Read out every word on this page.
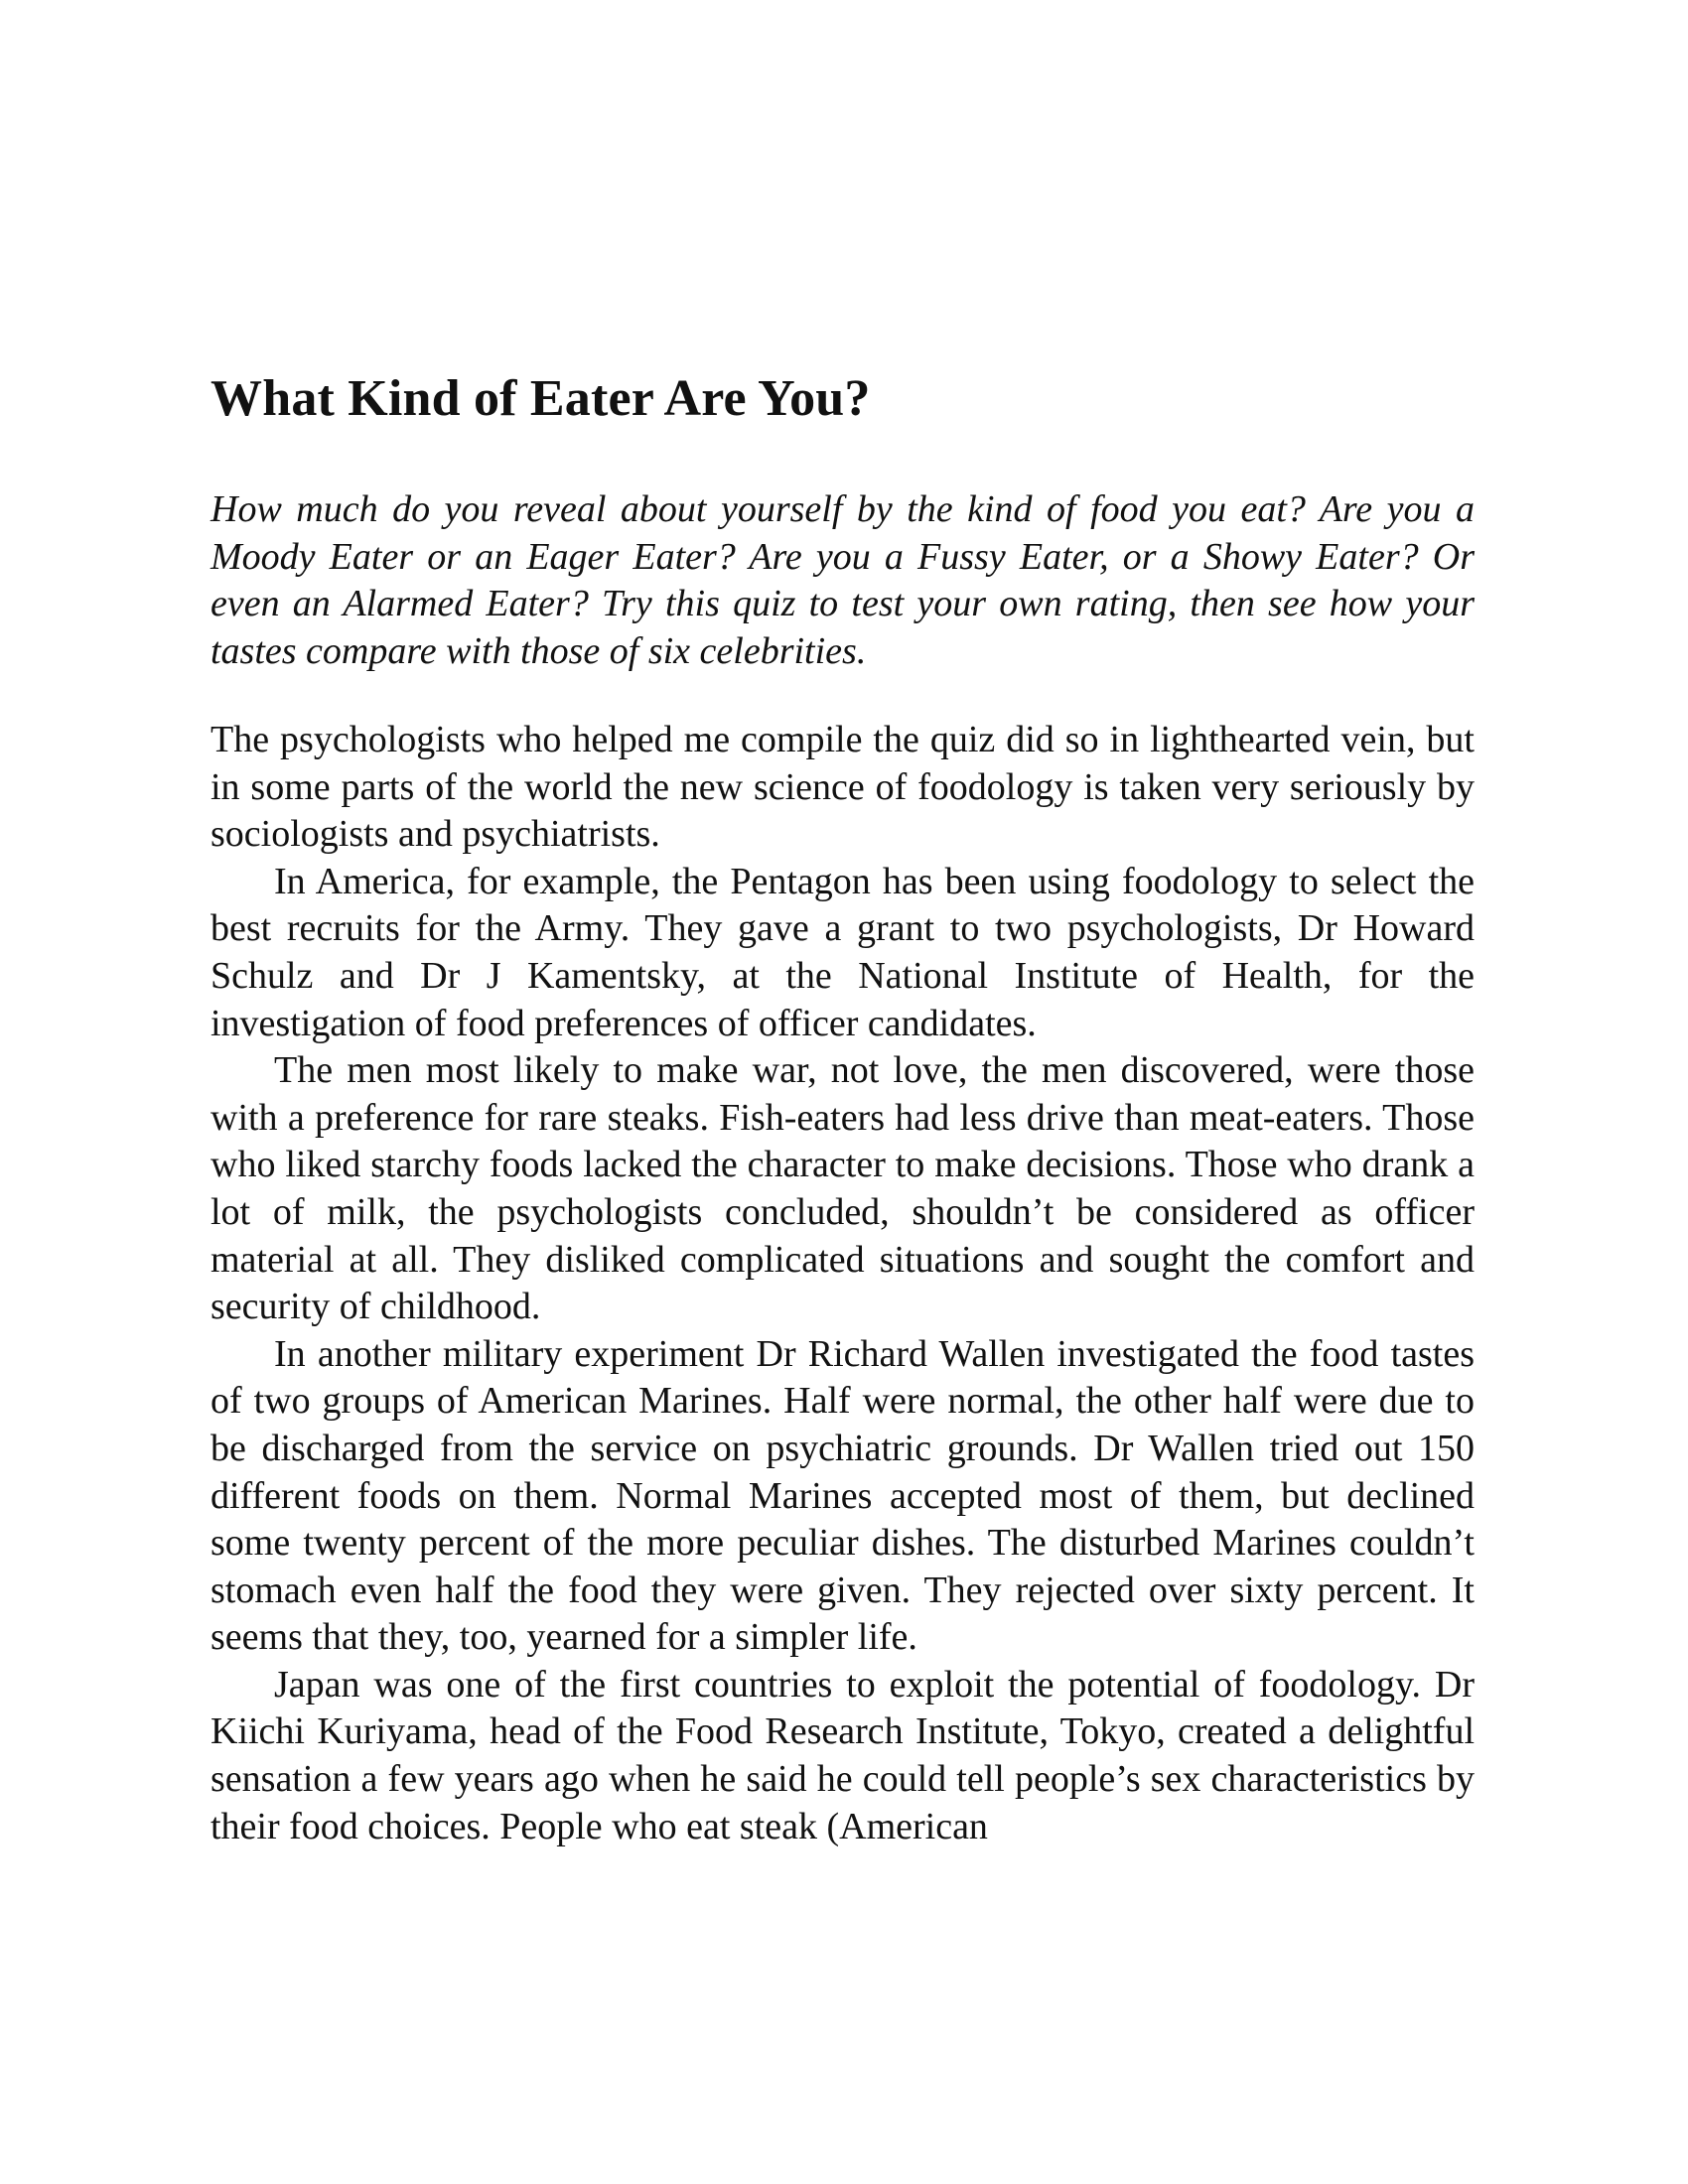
What Kind of Eater Are You?

How much do you reveal about yourself by the kind of food you eat? Are you a Moody Eater or an Eager Eater? Are you a Fussy Eater, or a Showy Eater? Or even an Alarmed Eater? Try this quiz to test your own rating, then see how your tastes compare with those of six celebrities.

The psychologists who helped me compile the quiz did so in lighthearted vein, but in some parts of the world the new science of foodology is taken very seriously by sociologists and psychiatrists.

In America, for example, the Pentagon has been using foodology to select the best recruits for the Army. They gave a grant to two psychologists, Dr Howard Schulz and Dr J Kamentsky, at the National Institute of Health, for the investigation of food preferences of officer candidates.

The men most likely to make war, not love, the men discovered, were those with a preference for rare steaks. Fish-eaters had less drive than meat-eaters. Those who liked starchy foods lacked the character to make decisions. Those who drank a lot of milk, the psychologists concluded, shouldn’t be considered as officer material at all. They disliked complicated situations and sought the comfort and security of childhood.

In another military experiment Dr Richard Wallen investigated the food tastes of two groups of American Marines. Half were normal, the other half were due to be discharged from the service on psychiatric grounds. Dr Wallen tried out 150 different foods on them. Normal Marines accepted most of them, but declined some twenty percent of the more peculiar dishes. The disturbed Marines couldn’t stomach even half the food they were given. They rejected over sixty percent. It seems that they, too, yearned for a simpler life.

Japan was one of the first countries to exploit the potential of foodology. Dr Kiichi Kuriyama, head of the Food Research Institute, Tokyo, created a delightful sensation a few years ago when he said he could tell people’s sex characteristics by their food choices. People who eat steak (American
